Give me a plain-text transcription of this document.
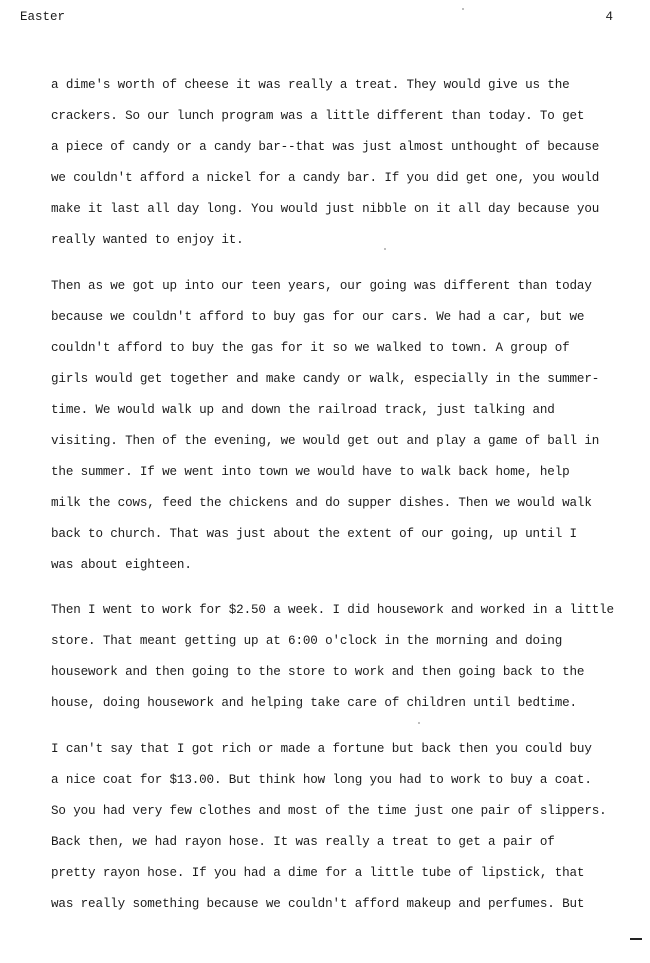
Easter	4
a dime's worth of cheese it was really a treat. They would give us the
crackers. So our lunch program was a little different than today. To get
a piece of candy or a candy bar--that was just almost unthought of because
we couldn't afford a nickel for a candy bar. If you did get one, you would
make it last all day long. You would just nibble on it all day because you
really wanted to enjoy it.
Then as we got up into our teen years, our going was different than today
because we couldn't afford to buy gas for our cars. We had a car, but we
couldn't afford to buy the gas for it so we walked to town. A group of
girls would get together and make candy or walk, especially in the summer-
time. We would walk up and down the railroad track, just talking and
visiting. Then of the evening, we would get out and play a game of ball in
the summer. If we went into town we would have to walk back home, help
milk the cows, feed the chickens and do supper dishes. Then we would walk
back to church. That was just about the extent of our going, up until I
was about eighteen.
Then I went to work for $2.50 a week. I did housework and worked in a little
store. That meant getting up at 6:00 o'clock in the morning and doing
housework and then going to the store to work and then going back to the
house, doing housework and helping take care of children until bedtime.
I can't say that I got rich or made a fortune but back then you could buy
a nice coat for $13.00. But think how long you had to work to buy a coat.
So you had very few clothes and most of the time just one pair of slippers.
Back then, we had rayon hose. It was really a treat to get a pair of
pretty rayon hose. If you had a dime for a little tube of lipstick, that
was really something because we couldn't afford makeup and perfumes. But
